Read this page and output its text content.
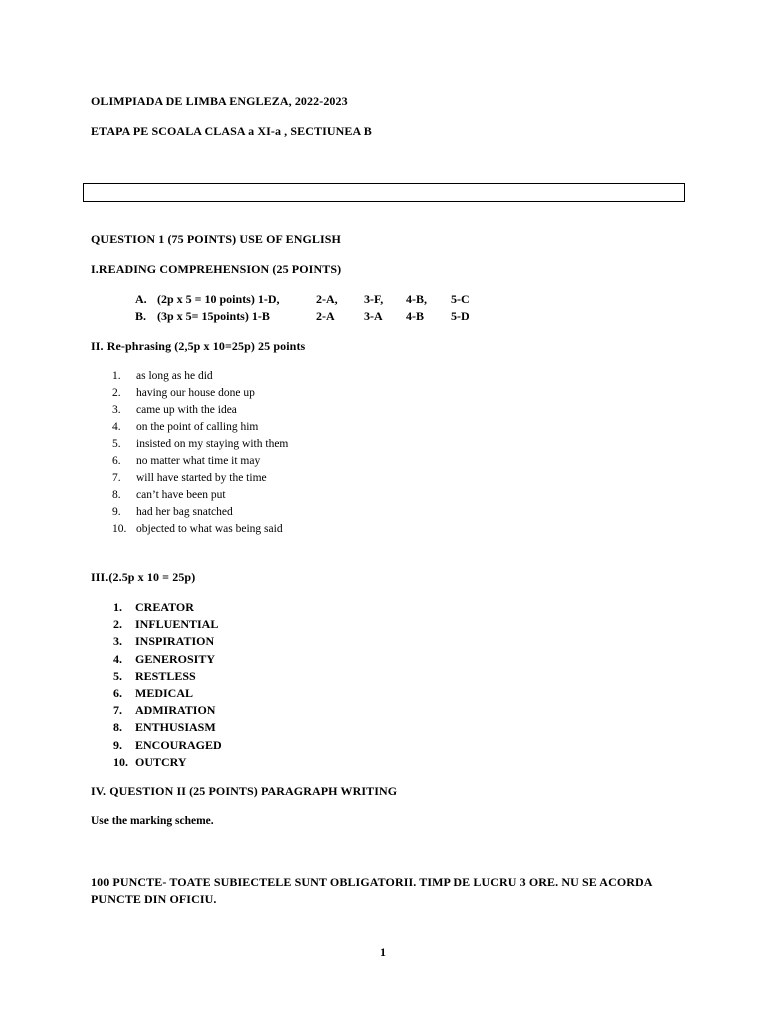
OLIMPIADA DE LIMBA ENGLEZA, 2022-2023
ETAPA PE SCOALA CLASA a XI-a , SECTIUNEA B
QUESTION 1 (75 POINTS) USE OF ENGLISH
I.READING COMPREHENSION (25 POINTS)
A. (2p x 5 = 10 points) 1-D,	2-A, 3-F, 4-B, 5-C
B. (3p x 5= 15points) 1-B	2-A 3-A 4-B 5-D
II. Re-phrasing (2,5p x 10=25p) 25 points
1.	as long as he did
2.	having our house done up
3.	came up with the idea
4.	on the point of calling him
5.	insisted on my staying with them
6.	no matter what time it may
7.	will have started by the time
8.	can’t have been put
9.	had her bag snatched
10. objected to what was being said
III.(2.5p x 10 = 25p)
1. CREATOR
2. INFLUENTIAL
3. INSPIRATION
4. GENEROSITY
5. RESTLESS
6. MEDICAL
7. ADMIRATION
8. ENTHUSIASM
9. ENCOURAGED
10. OUTCRY
IV. QUESTION II (25 POINTS) PARAGRAPH WRITING
Use the marking scheme.
100 PUNCTE- TOATE SUBIECTELE SUNT OBLIGATORII. TIMP DE LUCRU 3 ORE. NU SE ACORDA
PUNCTE DIN OFICIU.
1
